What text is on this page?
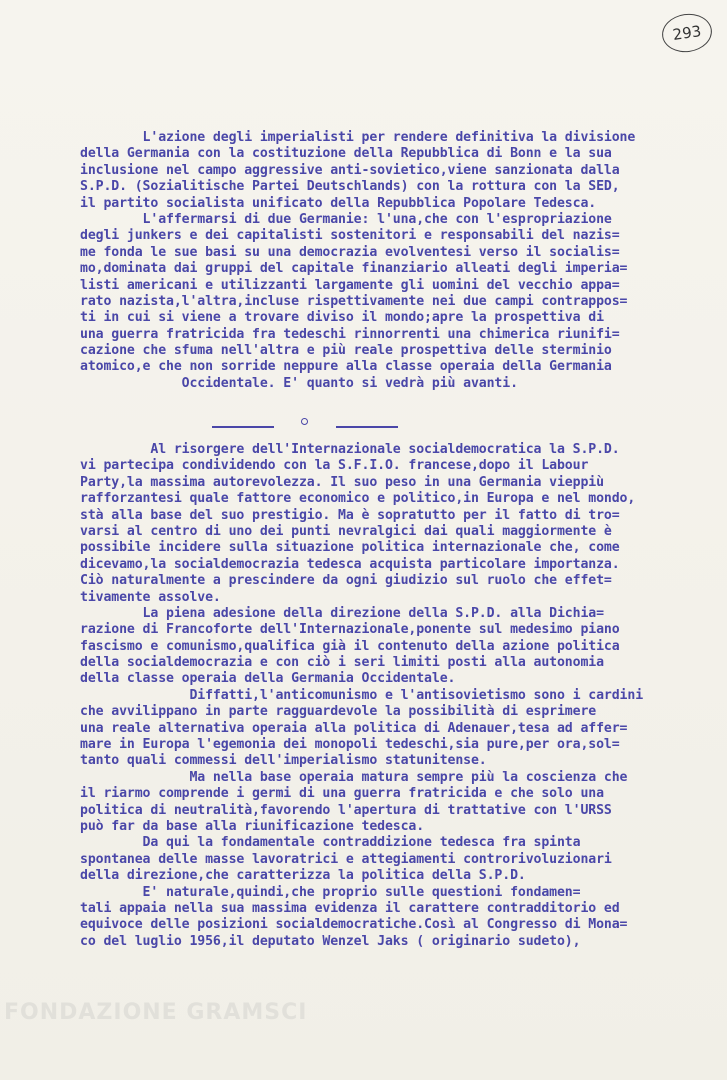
293
L'azione degli imperialisti per rendere definitiva la divisione
della Germania con la costituzione della Repubblica di Bonn e la sua
inclusione nel campo aggressive anti-sovietico,viene sanzionata dalla
S.P.D. (Sozialitische Partei Deutschlands) con la rottura con la SED,
il partito socialista unificato della Repubblica Popolare Tedesca.
L'affermarsi di due Germanie: l'una,che con l'espropriazione
degli junkers e dei capitalisti sostenitori e responsabili del nazis=
me fonda le sue basi su una democrazia evolventesi verso il socialis=
mo,dominata dai gruppi del capitale finanziario alleati degli imperia=
listi americani e utilizzanti largamente gli uomini del vecchio appa=
rato nazista,l'altra,incluse rispettivamente nei due campi contrappos=
ti in cui si viene a trovare diviso il mondo;apre la prospettiva di
una guerra fratricida fra tedeschi rinnorrenti una chimerica riunifi=
cazione che sfuma nell'altra e più reale prospettiva delle sterminio
atomico,e che non sorride neppure alla classe operaia della Germania
Occidentale. E' quanto si vedrà più avanti.
Al risorgere dell'Internazionale socialdemocratica la S.P.D.
vi partecipa condividendo con la S.F.I.O. francese,dopo il Labour
Party,la massima autorevolezza. Il suo peso in una Germania vieppiù
rafforzantesi quale fattore economico e politico,in Europa e nel mondo,
stà alla base del suo prestigio. Ma è sopratutto per il fatto di tro=
varsi al centro di uno dei punti nevralgici dai quali maggiormente è
possibile incidere sulla situazione politica internazionale che, come
dicevamo,la socialdemocrazia tedesca acquista particolare importanza.
Ciò naturalmente a prescindere da ogni giudizio sul ruolo che effet=
tivamente assolve.
La piena adesione della direzione della S.P.D. alla Dichia=
razione di Francoforte dell'Internazionale,ponente sul medesimo piano
fascismo e comunismo,qualifica già il contenuto della azione politica
della socialdemocrazia e con ciò i seri limiti posti alla autonomia
della classe operaia della Germania Occidentale.
Diffatti,l'anticomunismo e l'antisovietismo sono i cardini
che avvilippano in parte ragguardevole la possibilità di esprimere
una reale alternativa operaia alla politica di Adenauer,tesa ad affer=
mare in Europa l'egemonia dei monopoli tedeschi,sia pure,per ora,sol=
tanto quali commessi dell'imperialismo statunitense.
Ma nella base operaia matura sempre più la coscienza che
il riarmo comprende i germi di una guerra fratricida e che solo una
politica di neutralità,favorendo l'apertura di trattative con l'URSS
può far da base alla riunificazione tedesca.
Da qui la fondamentale contraddizione tedesca fra spinta
spontanea delle masse lavoratrici e attegiamenti controrivoluzionari
della direzione,che caratterizza la politica della S.P.D.
E' naturale,quindi,che proprio sulle questioni fondamen=
tali appaia nella sua massima evidenza il carattere contradditorio ed
equivoce delle posizioni socialdemocratiche.Così al Congresso di Mona=
co del luglio 1956,il deputato Wenzel Jaks ( originario sudeto),
FONDAZIONE GRAMSCI
